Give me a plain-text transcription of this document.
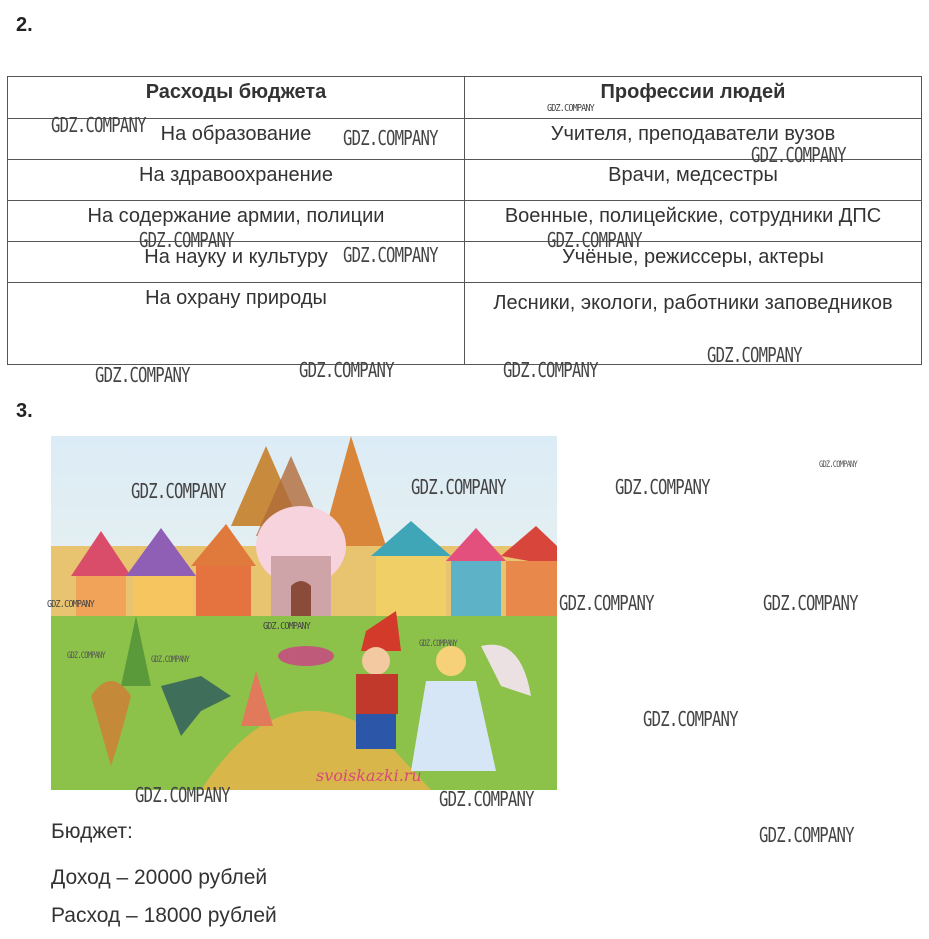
2.
Расходы бюджета	Профессии людей
На образование	Учителя, преподаватели вузов
На здравоохранение	Врачи, медсестры
На содержание армии, полиции	Военные, полицейские, сотрудники ДПС
На науку и культуру	Учёные, режиссеры, актеры
На охрану природы	Лесники, экологи, работники заповедников
3.
svoiskazki.ru
Бюджет:
Доход – 20000 рублей
Расход – 18000 рублей
GDZ.COMPANY
GDZ.COMPANY
GDZ.COMPANY
GDZ.COMPANY
GDZ.COMPANY
GDZ.COMPANY
GDZ.COMPANY
GDZ.COMPANY
GDZ.COMPANY	GDZ.COMPANY	GDZ.COMPANY
GDZ.COMPANY
GDZ.COMPANY	GDZ.COMPANY	GDZ.COMPANY
GDZ.COMPANY	GDZ.COMPANY
GDZ.COMPANY
GDZ.COMPANY
GDZ.COMPANY	GDZ.COMPANY
GDZ.COMPANY
GDZ.COMPANY
GDZ.COMPANY	GDZ.COMPANY
GDZ.COMPANY
